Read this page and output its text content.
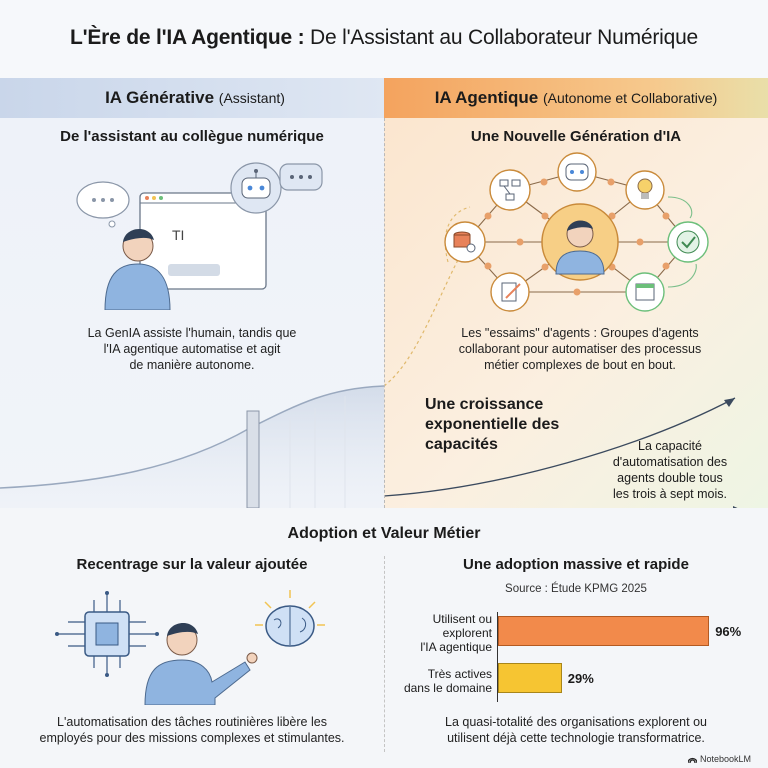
L'Ère de l'IA Agentique : De l'Assistant au Collaborateur Numérique
IA Générative (Assistant)	IA Agentique (Autonome et Collaborative)
De l'assistant au collègue numérique
TI
La GenIA assiste l'humain, tandis que
l'IA agentique automatise et agit
de manière autonome.
Une Nouvelle Génération d'IA
Les "essaims" d'agents : Groupes d'agents
collaborant pour automatiser des processus
métier complexes de bout en bout.
Une croissance
exponentielle des
capacités	La capacité
d'automatisation des
agents double tous
les trois à sept mois.
Adoption et Valeur Métier
Recentrage sur la valeur ajoutée
L'automatisation des tâches routinières libère les
employés pour des missions complexes et stimulantes.
Une adoption massive et rapide
Source : Étude KPMG 2025
Utilisent ou
explorent
l'IA agentique
Très actives
dans le domaine
96%
29%
La quasi-totalité des organisations explorent ou
utilisent déjà cette technologie transformatrice.
NotebookLM
